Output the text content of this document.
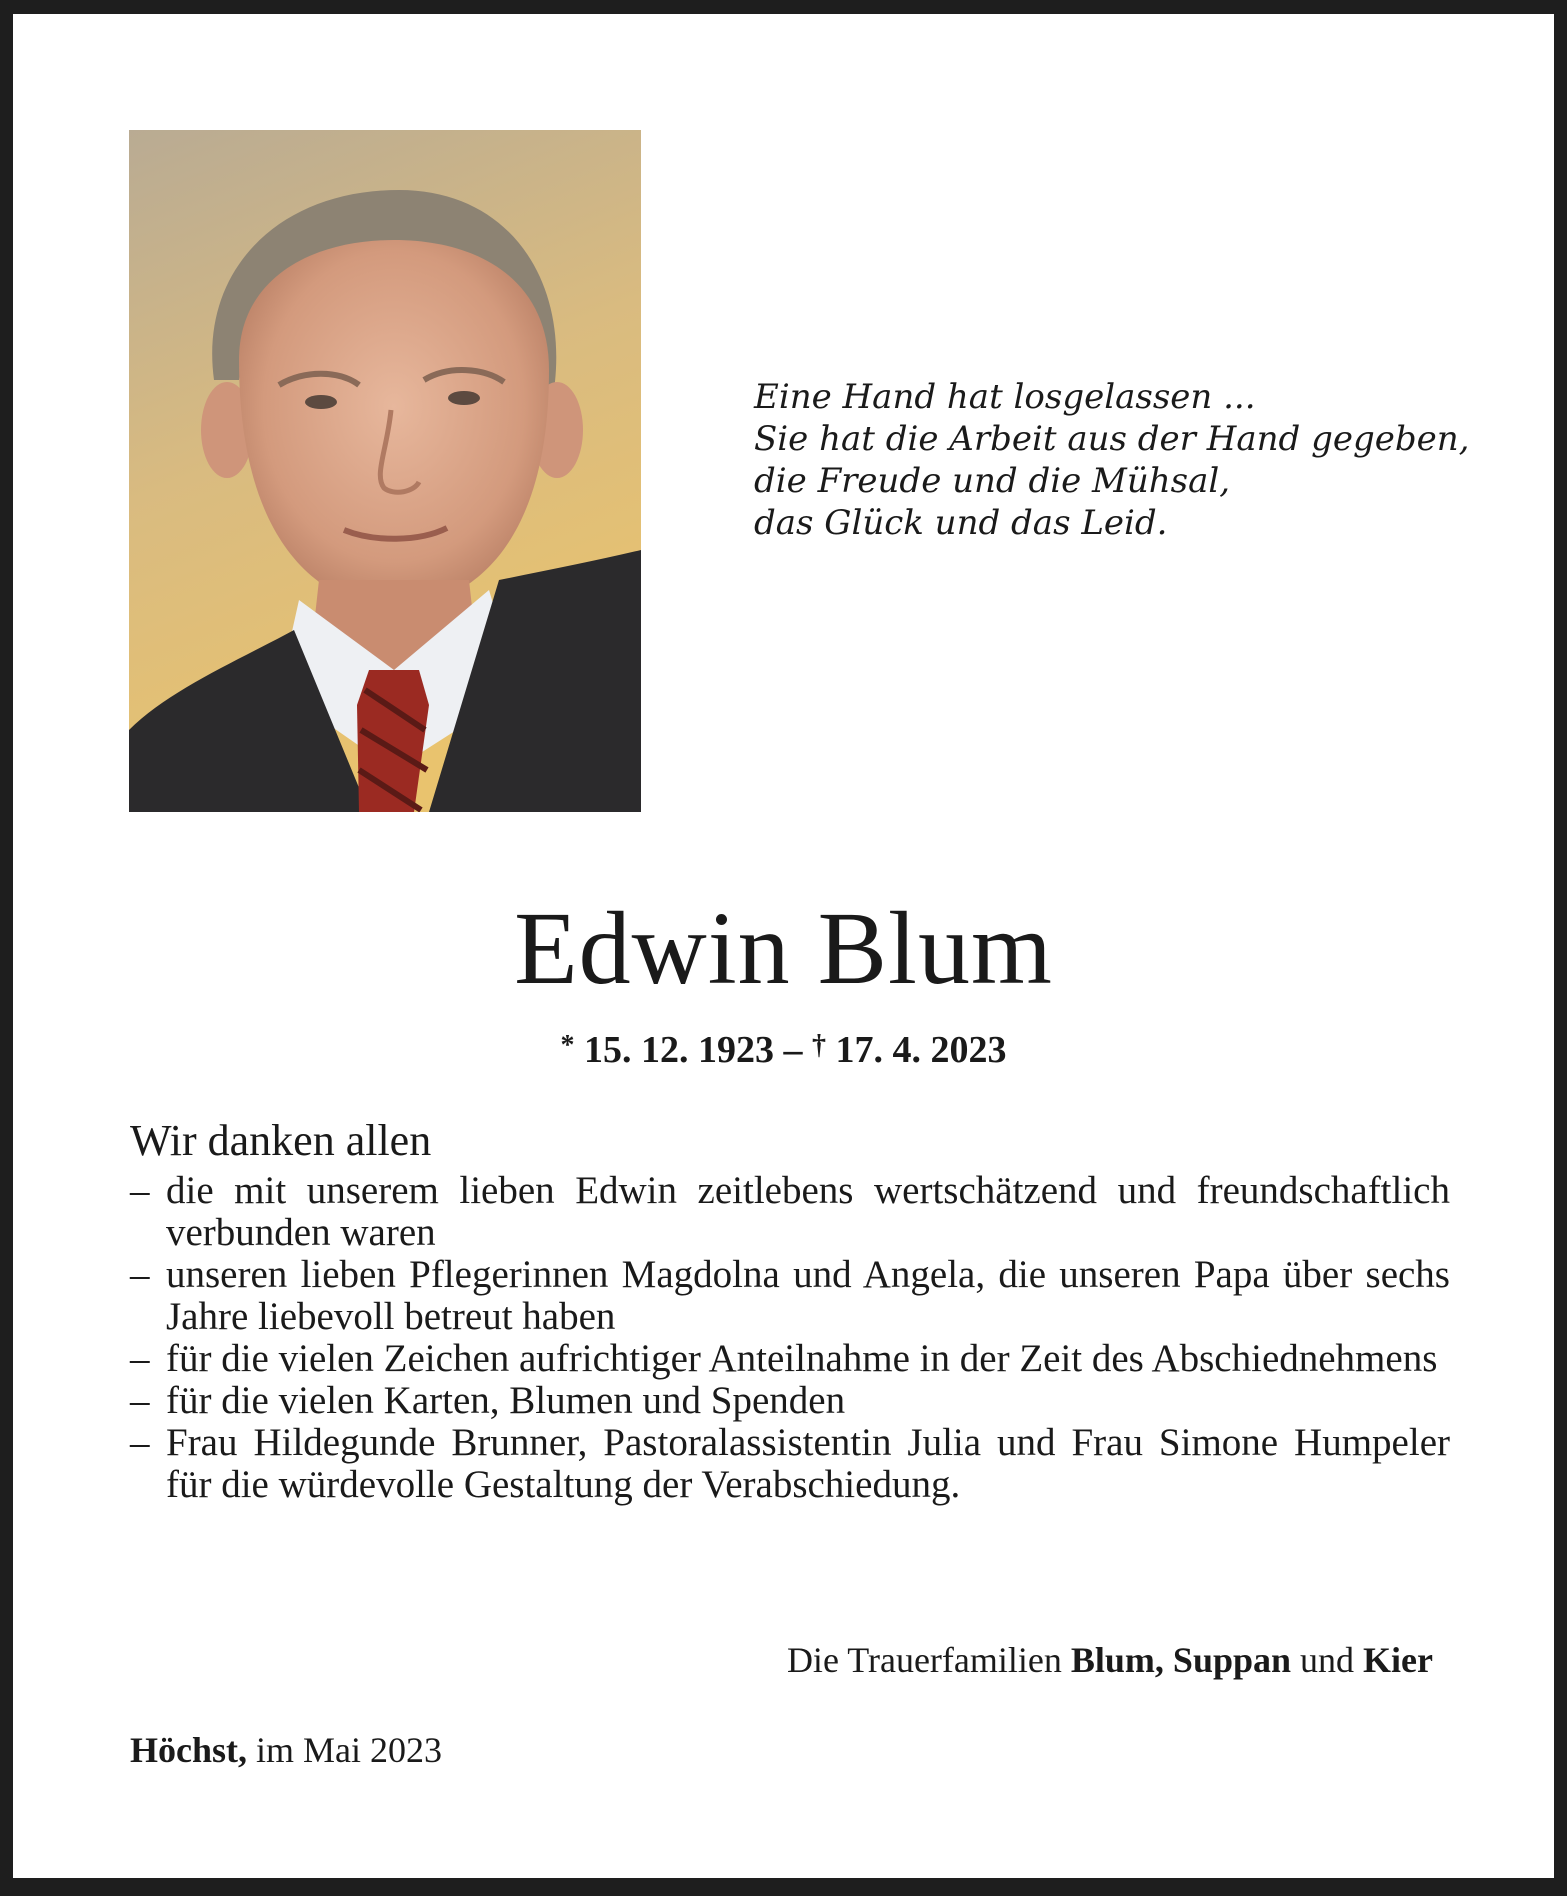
Eine Hand hat losgelassen ...
Sie hat die Arbeit aus der Hand gegeben,
die Freude und die Mühsal,
das Glück und das Leid.
Edwin Blum
* 15. 12. 1923 – † 17. 4. 2023
Wir danken allen
– die mit unserem lieben Edwin zeitlebens wertschätzend und freundschaftlich verbunden waren
– unseren lieben Pflegerinnen Magdolna und Angela, die unseren Papa über sechs Jahre liebevoll betreut haben
– für die vielen Zeichen aufrichtiger Anteilnahme in der Zeit des Abschiednehmens
– für die vielen Karten, Blumen und Spenden
– Frau Hildegunde Brunner, Pastoralassistentin Julia und Frau Simone Humpeler für die würdevolle Gestaltung der Verabschiedung.
Die Trauerfamilien Blum, Suppan und Kier
Höchst, im Mai 2023
